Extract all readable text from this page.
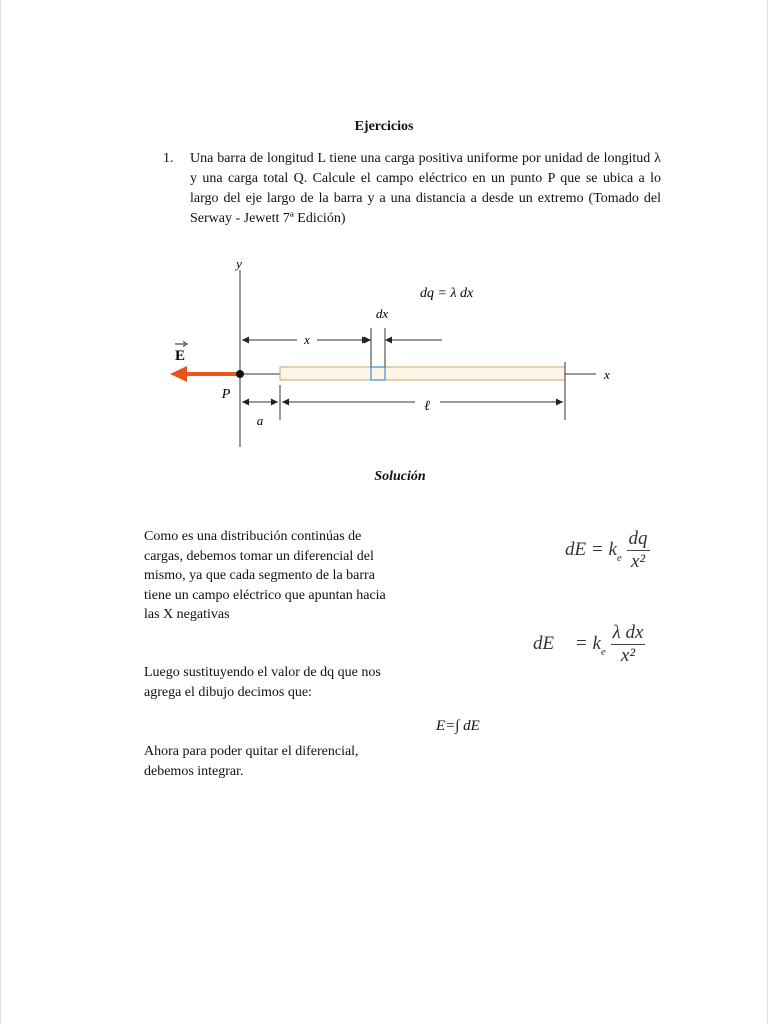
Ejercicios
1. Una barra de longitud L tiene una carga positiva uniforme por unidad de longitud λ y una carga total Q. Calcule el campo eléctrico en un punto P que se ubica a lo largo del eje largo de la barra y a una distancia a desde un extremo (Tomado del Serway - Jewett 7ª Edición)
y
x
dx
dq = λ dx
x
E
P
a
ℓ
Solución
Como es una distribución continúas de cargas, debemos tomar un diferencial del mismo, ya que cada segmento de la barra tiene un campo eléctrico que apuntan hacia las X negativas
Luego sustituyendo el valor de dq que nos agrega el dibujo decimos que:
Ahora para poder quitar el diferencial, debemos integrar.
dE = $k_e \frac{dq}{\text{x²}}$
dE = $k_e \frac{\text{λ dx}}{\text{x²}}$
E=∫ dE
